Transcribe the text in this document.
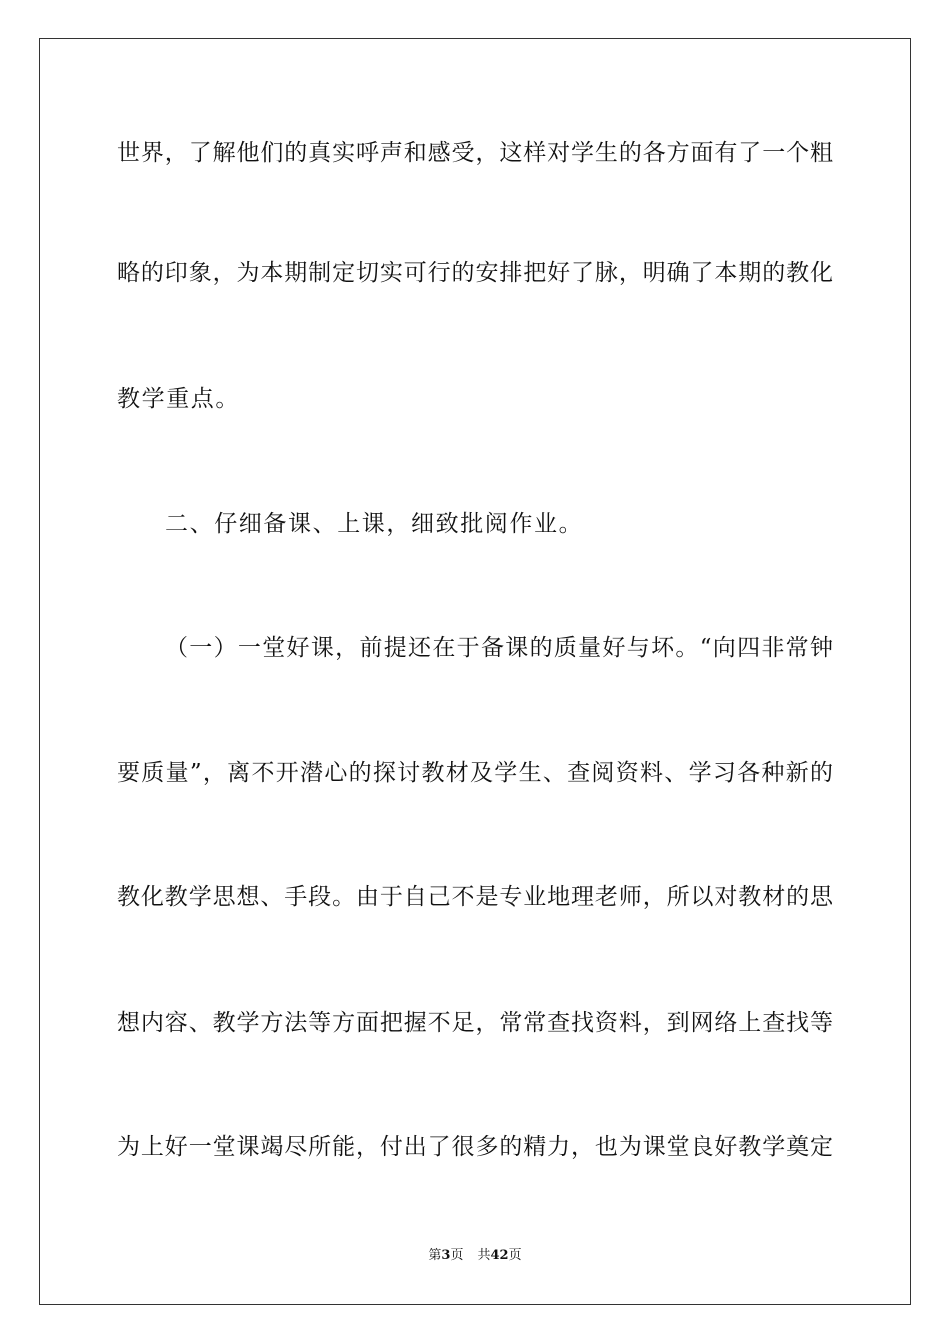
世界，了解他们的真实呼声和感受，这样对学生的各方面有了一个粗
略的印象，为本期制定切实可行的安排把好了脉，明确了本期的教化
教学重点。
二、仔细备课、上课，细致批阅作业。
（一）一堂好课，前提还在于备课的质量好与坏。“向四非常钟
要质量”，离不开潜心的探讨教材及学生、查阅资料、学习各种新的
教化教学思想、手段。由于自己不是专业地理老师，所以对教材的思
想内容、教学方法等方面把握不足，常常查找资料，到网络上查找等
为上好一堂课竭尽所能，付出了很多的精力，也为课堂良好教学奠定
第3页 共42页
